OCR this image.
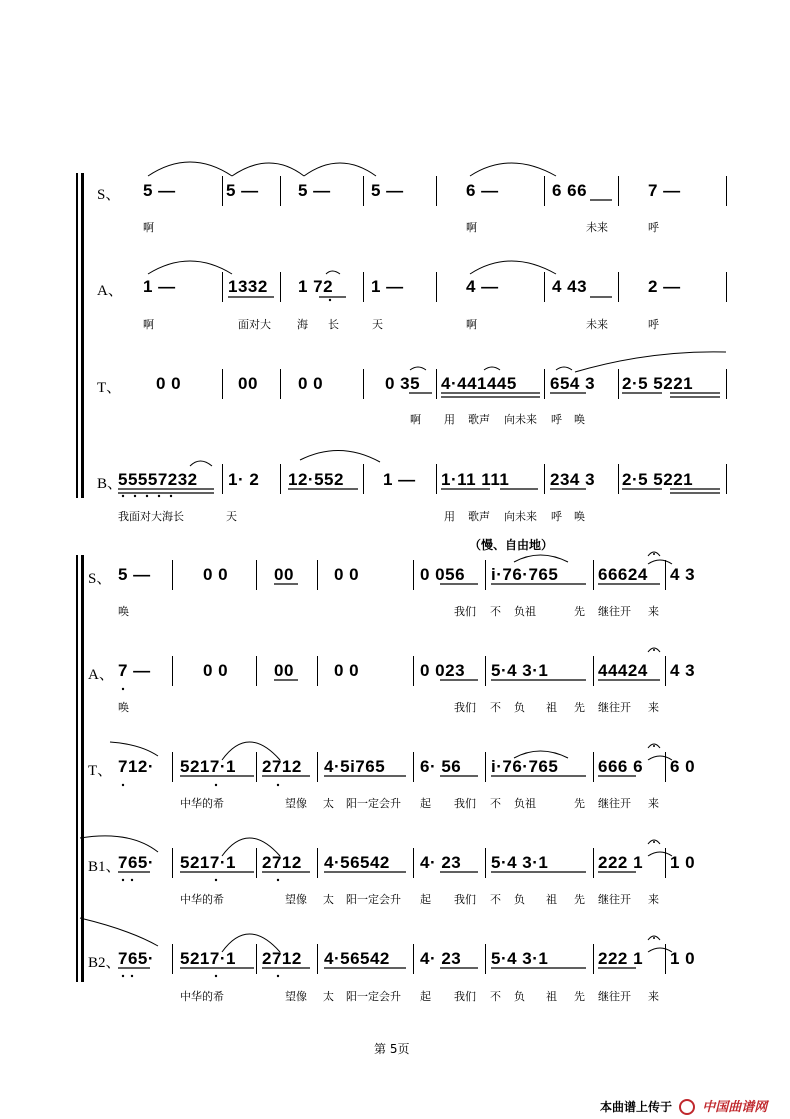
S、 5 —	5 — 5 — 5 —	6 —	6 66	7 —
啊	啊	未来	呼
A、 1 —	1332 1 72 1 —	4 —	4 43	2 —
啊	面对大 海 长	天	啊	未来	呼
T、 0 0	00 0 0	0 35 4·441445 654 3 2·5 5221
啊 用 歌声 向未来 呼 唤
B、
55557232 1· 2 12·552 1 — 1·11 111 234 3 2·5 5221
我面对大海长	天	用 歌声 向未来 呼 唤
（慢、自由地）
S、 5 —	0 0	00 0 0	0 056 i·76·765 66624 4 3
唤	我们 不 负祖	先 继往开 来
A、 7 —	0 0	00 0 0	0 023 5·4 3·1	44424 4 3
唤	我们 不 负 祖 先 继往开 来
T、 712· 5217·1 2712 4·5i765 6· 56 i·76·765 666 6 6 0
中华的希	望像 太 阳一定会升 起 我们 不 负祖	先 继往开 来
B1、
765· 5217·1 2712 4·56542 4· 23 5·4 3·1	222 1 1 0
中华的希	望像 太 阳一定会升 起 我们 不 负 祖 先 继往开 来
B2、
765· 5217·1 2712 4·56542 4· 23 5·4 3·1	222 1 1 0
中华的希	望像 太 阳一定会升 起 我们 不 负 祖 先 继往开 来
第 5页
本曲谱上传于 中国曲谱网
